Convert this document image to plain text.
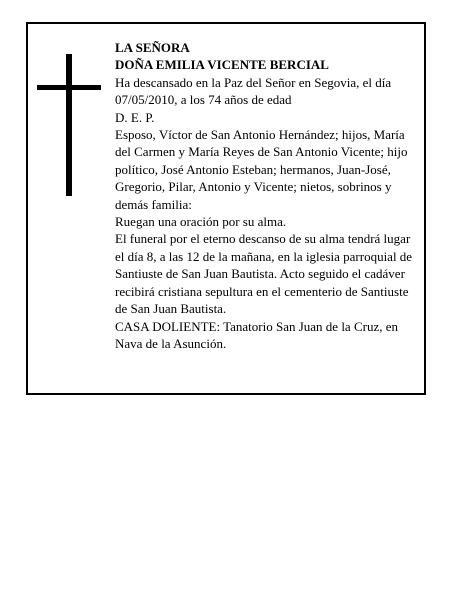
LA SEÑORA

DOÑA EMILIA VICENTE BERCIAL

Ha descansado en la Paz del Señor en Segovia, el día 07/05/2010, a los 74 años de edad

D. E. P.

Esposo, Víctor de San Antonio Hernández; hijos, María del Carmen y María Reyes de San Antonio Vicente; hijo político, José Antonio Esteban; hermanos, Juan-José, Gregorio, Pilar, Antonio y Vicente; nietos, sobrinos y demás familia:

Ruegan una oración por su alma.

El funeral por el eterno descanso de su alma tendrá lugar el día 8, a las 12 de la mañana, en la iglesia parroquial de Santiuste de San Juan Bautista. Acto seguido el cadáver recibirá cristiana sepultura en el cementerio de Santiuste de San Juan Bautista.

CASA DOLIENTE: Tanatorio San Juan de la Cruz, en Nava de la Asunción.
